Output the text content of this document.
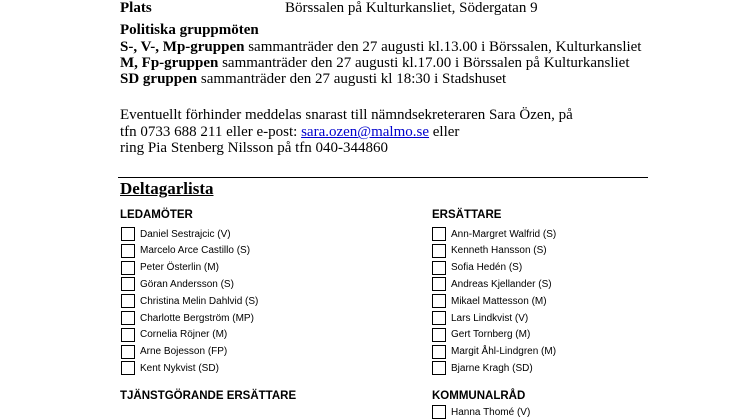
Plats	Börssalen på Kulturkansliet, Södergatan 9
Politiska gruppmöten
S-, V-, Mp-gruppen sammanträder den 27 augusti kl.13.00 i Börssalen, Kulturkansliet
M, Fp-gruppen sammanträder den 27 augusti kl.17.00 i Börssalen på Kulturkansliet
SD gruppen sammanträder den 27 augusti kl 18:30 i Stadshuset
Eventuellt förhinder meddelas snarast till nämndsekreteraren Sara Özen, på
tfn 0733 688 211 eller e-post: sara.ozen@malmo.se eller
ring Pia Stenberg Nilsson på tfn 040-344860
Deltagarlista
LEDAMÖTER
Daniel Sestrajcic (V)
Marcelo Arce Castillo (S)
Peter Österlin (M)
Göran Andersson (S)
Christina Melin Dahlvid (S)
Charlotte Bergström (MP)
Cornelia Röjner (M)
Arne Bojesson (FP)
Kent Nykvist (SD)
ERSÄTTARE
Ann-Margret Walfrid (S)
Kenneth Hansson (S)
Sofia Hedén (S)
Andreas Kjellander (S)
Mikael Mattesson (M)
Lars Lindkvist (V)
Gert Tornberg (M)
Margit Åhl-Lindgren (M)
Bjarne Kragh (SD)
TJÄNSTGÖRANDE ERSÄTTARE	KOMMUNALRÅD
Hanna Thomé (V)
